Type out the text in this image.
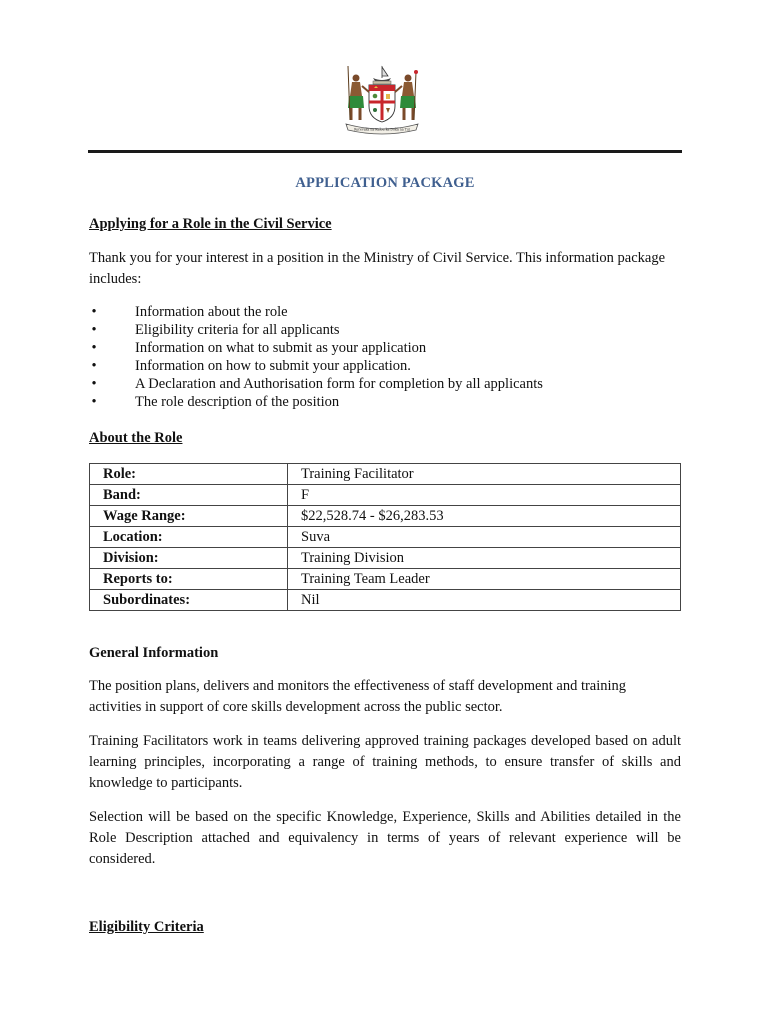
Rerevaka na Kalou ka Doka na Tui
APPLICATION PACKAGE
Applying for a Role in the Civil Service
Thank you for your interest in a position in the Ministry of Civil Service. This information package includes:
•	Information about the role
•	Eligibility criteria for all applicants
•	Information on what to submit as your application
•	Information on how to submit your application.
•	A Declaration and Authorisation form for completion by all applicants
•	The role description of the position
About the Role
Role:	Training Facilitator
Band:	F
Wage Range:	$22,528.74 - $26,283.53
Location:	Suva
Division:	Training Division
Reports to:	Training Team Leader
Subordinates:	Nil
General Information
The position plans, delivers and monitors the effectiveness of staff development and training activities in support of core skills development across the public sector.
Training Facilitators work in teams delivering approved training packages developed based on adult learning principles, incorporating a range of training methods, to ensure transfer of skills and knowledge to participants.
Selection will be based on the specific Knowledge, Experience, Skills and Abilities detailed in the Role Description attached and equivalency in terms of years of relevant experience will be considered.
Eligibility Criteria
